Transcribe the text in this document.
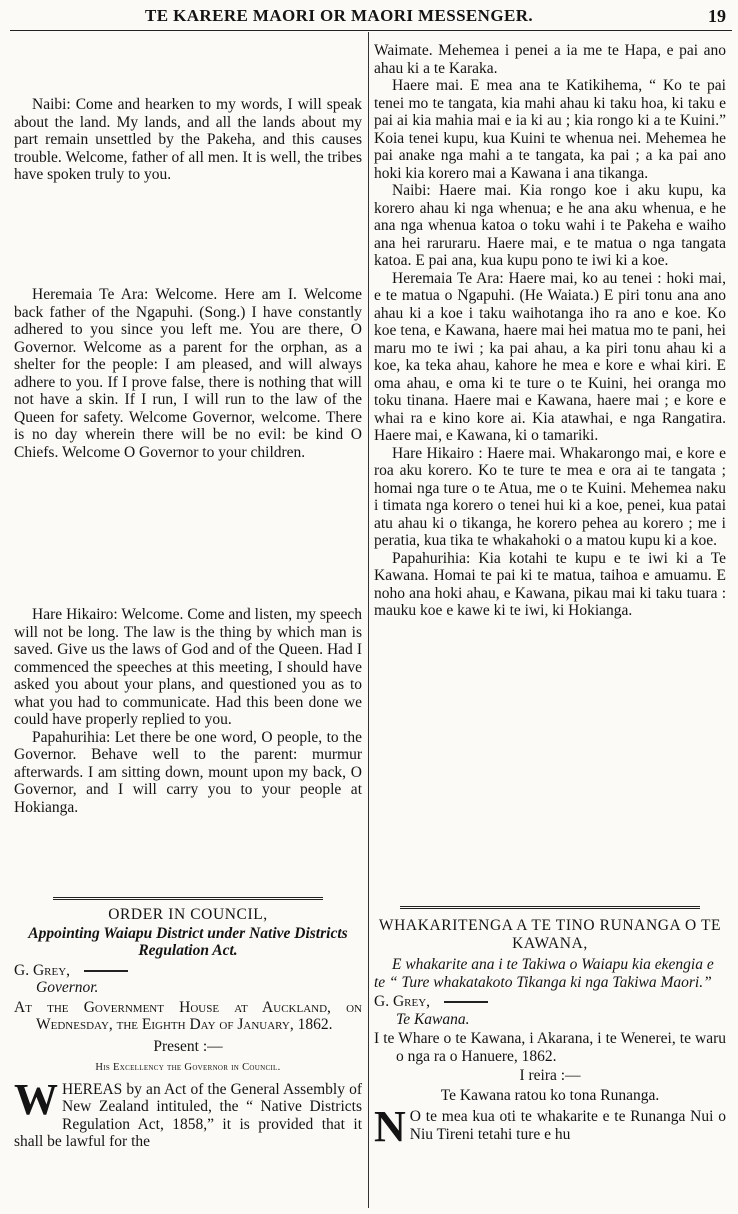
TE KARERE MAORI OR MAORI MESSENGER.	19

Naibi: Come and hearken to my words, I will speak about the land. My lands, and all the lands about my part remain unsettled by the Pakeha, and this causes trouble. Welcome, father of all men. It is well, the tribes have spoken truly to you.

Heremaia Te Ara: Welcome. Here am I. Welcome back father of the Ngapuhi. (Song.) I have constantly adhered to you since you left me. You are there, O Governor. Welcome as a parent for the orphan, as a shelter for the people: I am pleased, and will always adhere to you. If I prove false, there is nothing that will not have a skin. If I run, I will run to the law of the Queen for safety. Welcome Governor, welcome. There is no day wherein there will be no evil: be kind O Chiefs. Welcome O Governor to your children.

Hare Hikairo: Welcome. Come and listen, my speech will not be long. The law is the thing by which man is saved. Give us the laws of God and of the Queen. Had I commenced the speeches at this meeting, I should have asked you about your plans, and questioned you as to what you had to communicate. Had this been done we could have properly replied to you.

Papahurihia: Let there be one word, O people, to the Governor. Behave well to the parent: murmur afterwards. I am sitting down, mount upon my back, O Governor, and I will carry you to your people at Hokianga.

ORDER IN COUNCIL,
Appointing Waiapu District under Native Districts Regulation Act.
G. Grey,
Governor.

At the Government House at Auckland, on Wednesday, the Eighth Day of January, 1862.

Present :—
His Excellency the Governor in Council.

WHEREAS by an Act of the General Assembly of New Zealand intituled, the “ Native Districts Regulation Act, 1858,” it is provided that it shall be lawful for the

Waimate. Mehemea i penei a ia me te Hapa, e pai ano ahau ki a te Karaka.

Haere mai. E mea ana te Katikihema, “ Ko te pai tenei mo te tangata, kia mahi ahau ki taku hoa, ki taku e pai ai kia mahia mai e ia ki au ; kia rongo ki a te Kuini.” Koia tenei kupu, kua Kuini te whenua nei. Mehemea he pai anake nga mahi a te tangata, ka pai ; a ka pai ano hoki kia korero mai a Kawana i ana tikanga.

Naibi: Haere mai. Kia rongo koe i aku kupu, ka korero ahau ki nga whenua; e he ana aku whenua, e he ana nga whenua katoa o toku wahi i te Pakeha e waiho ana hei raruraru. Haere mai, e te matua o nga tangata katoa. E pai ana, kua kupu pono te iwi ki a koe.

Heremaia Te Ara: Haere mai, ko au tenei : hoki mai, e te matua o Ngapuhi. (He Waiata.) E piri tonu ana ano ahau ki a koe i taku waihotanga iho ra ano e koe. Ko koe tena, e Kawana, haere mai hei matua mo te pani, hei maru mo te iwi ; ka pai ahau, a ka piri tonu ahau ki a koe, ka teka ahau, kahore he mea e kore e whai kiri. E oma ahau, e oma ki te ture o te Kuini, hei oranga mo toku tinana. Haere mai e Kawana, haere mai ; e kore e whai ra e kino kore ai. Kia atawhai, e nga Rangatira. Haere mai, e Kawana, ki o tamariki.

Hare Hikairo : Haere mai. Whakarongo mai, e kore e roa aku korero. Ko te ture te mea e ora ai te tangata ; homai nga ture o te Atua, me o te Kuini. Mehemea naku i timata nga korero o tenei hui ki a koe, penei, kua patai atu ahau ki o tikanga, he korero pehea au korero ; me i peratia, kua tika te whakahoki o a matou kupu ki a koe.

Papahurihia: Kia kotahi te kupu e te iwi ki a Te Kawana. Homai te pai ki te matua, taihoa e amuamu. E noho ana hoki ahau, e Kawana, pikau mai ki taku tuara : mauku koe e kawe ki te iwi, ki Hokianga.

WHAKARITENGA A TE TINO RUNANGA O TE KAWANA,

E whakarite ana i te Takiwa o Waiapu kia ekengia e te “ Ture whakatakoto Tikanga ki nga Takiwa Maori.”

G. Grey,
Te Kawana.

I te Whare o te Kawana, i Akarana, i te Wenerei, te waru o nga ra o Hanuere, 1862.

I reira :—
Te Kawana ratou ko tona Runanga.

N O te mea kua oti te whakarite e te Runanga Nui o Niu Tireni tetahi ture e hu
